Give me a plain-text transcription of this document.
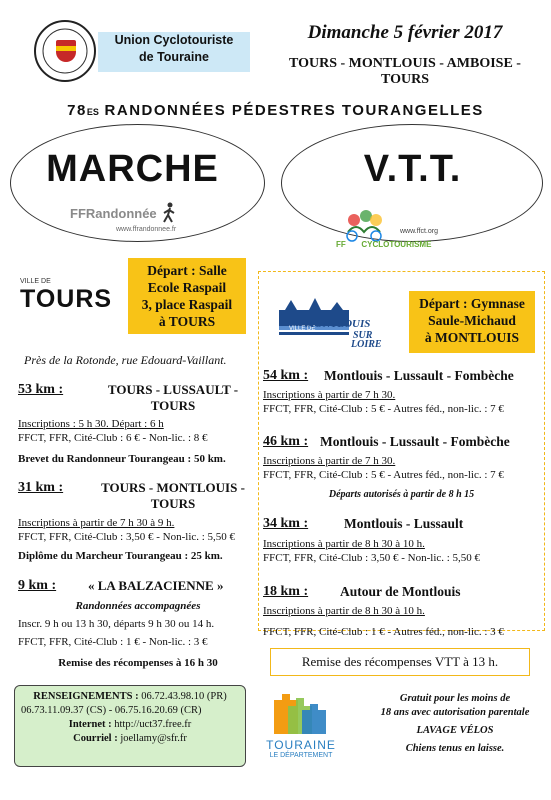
Union Cyclotouriste
de Touraine
Dimanche 5 février 2017
TOURS - MONTLOUIS - AMBOISE - TOURS
78ES RANDONNÉES PÉDESTRES TOURANGELLES
MARCHE	V.T.T.
FFRandonnée
www.ffrandonnee.fr	www.ffct.org
FF       CYCLOTOURISME
VILLE DE
TOURS
Départ : Salle
Ecole Raspail
3, place Raspail
à TOURS
Près de la Rotonde, rue Edouard-Vaillant.
53 km :	TOURS - LUSSAULT -
TOURS
Inscriptions : 5 h 30. Départ : 6 h
FFCT, FFR, Cité-Club : 6 € - Non-lic. : 8 €
Brevet du Randonneur Tourangeau : 50 km.
31 km :	TOURS - MONTLOUIS -
TOURS
Inscriptions à partir de 7 h 30 à 9 h.
FFCT, FFR, Cité-Club : 3,50 € - Non-lic. : 5,50 €
Diplôme du Marcheur Tourangeau : 25 km.
9 km : « LA BALZACIENNE »
Randonnées accompagnées
Inscr. 9 h ou 13 h 30, départs 9 h 30 ou 14 h.
FFCT, FFR, Cité-Club : 1 € - Non-lic. : 3 €
Remise des récompenses à 16 h 30
VILLE DE
MONTLOUIS
SUR
LOIRE
Départ : Gymnase
Saule-Michaud
à MONTLOUIS
54 km : Montlouis - Lussault - Fombèche
Inscriptions à partir de 7 h 30.
FFCT, FFR, Cité-Club : 5 € - Autres féd., non-lic. : 7 €
46 km : Montlouis - Lussault - Fombèche
Inscriptions à partir de 7 h 30.
FFCT, FFR, Cité-Club : 5 € - Autres féd., non-lic. : 7 €
Départs autorisés à partir de 8 h 15
34 km :	Montlouis - Lussault
Inscriptions à partir de 8 h 30 à 10 h.
FFCT, FFR, Cité-Club : 3,50 € - Non-lic. : 5,50 €
18 km : Autour de Montlouis
Inscriptions à partir de 8 h 30 à 10 h.
FFCT, FFR, Cité-Club : 1 € - Autres féd., non-lic. : 3 €
Remise des récompenses VTT à 13 h.
RENSEIGNEMENTS : 06.72.43.98.10 (PR)
06.73.11.09.37 (CS) - 06.75.16.20.69 (CR)
Internet : http://uct37.free.fr
Courriel : joellamy@sfr.fr	TOURAINE
LE DÉPARTEMENT
Gratuit pour les moins de
18 ans avec autorisation parentale
LAVAGE VÉLOS
Chiens tenus en laisse.
